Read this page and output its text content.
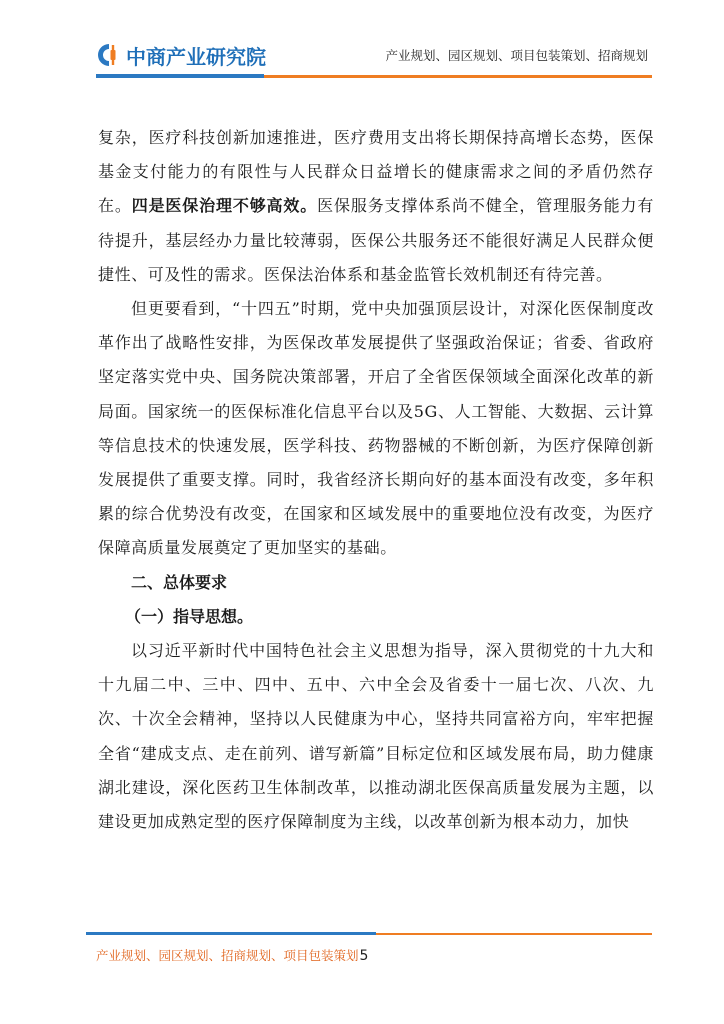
中商产业研究院	产业规划、园区规划、项目包装策划、招商规划

复杂，医疗科技创新加速推进，医疗费用支出将长期保持高增长态势，医保基金支付能力的有限性与人民群众日益增长的健康需求之间的矛盾仍然存在。四是医保治理不够高效。医保服务支撑体系尚不健全，管理服务能力有待提升，基层经办力量比较薄弱，医保公共服务还不能很好满足人民群众便捷性、可及性的需求。医保法治体系和基金监管长效机制还有待完善。

但更要看到，“十四五”时期，党中央加强顶层设计，对深化医保制度改革作出了战略性安排，为医保改革发展提供了坚强政治保证；省委、省政府坚定落实党中央、国务院决策部署，开启了全省医保领域全面深化改革的新局面。国家统一的医保标准化信息平台以及5G、人工智能、大数据、云计算等信息技术的快速发展，医学科技、药物器械的不断创新，为医疗保障创新发展提供了重要支撑。同时，我省经济长期向好的基本面没有改变，多年积累的综合优势没有改变，在国家和区域发展中的重要地位没有改变，为医疗保障高质量发展奠定了更加坚实的基础。

二、总体要求

（一）指导思想。

以习近平新时代中国特色社会主义思想为指导，深入贯彻党的十九大和十九届二中、三中、四中、五中、六中全会及省委十一届七次、八次、九次、十次全会精神，坚持以人民健康为中心，坚持共同富裕方向，牢牢把握全省“建成支点、走在前列、谱写新篇”目标定位和区域发展布局，助力健康湖北建设，深化医药卫生体制改革，以推动湖北医保高质量发展为主题，以建设更加成熟定型的医疗保障制度为主线，以改革创新为根本动力，加快

产业规划、园区规划、招商规划、项目包装策划5
